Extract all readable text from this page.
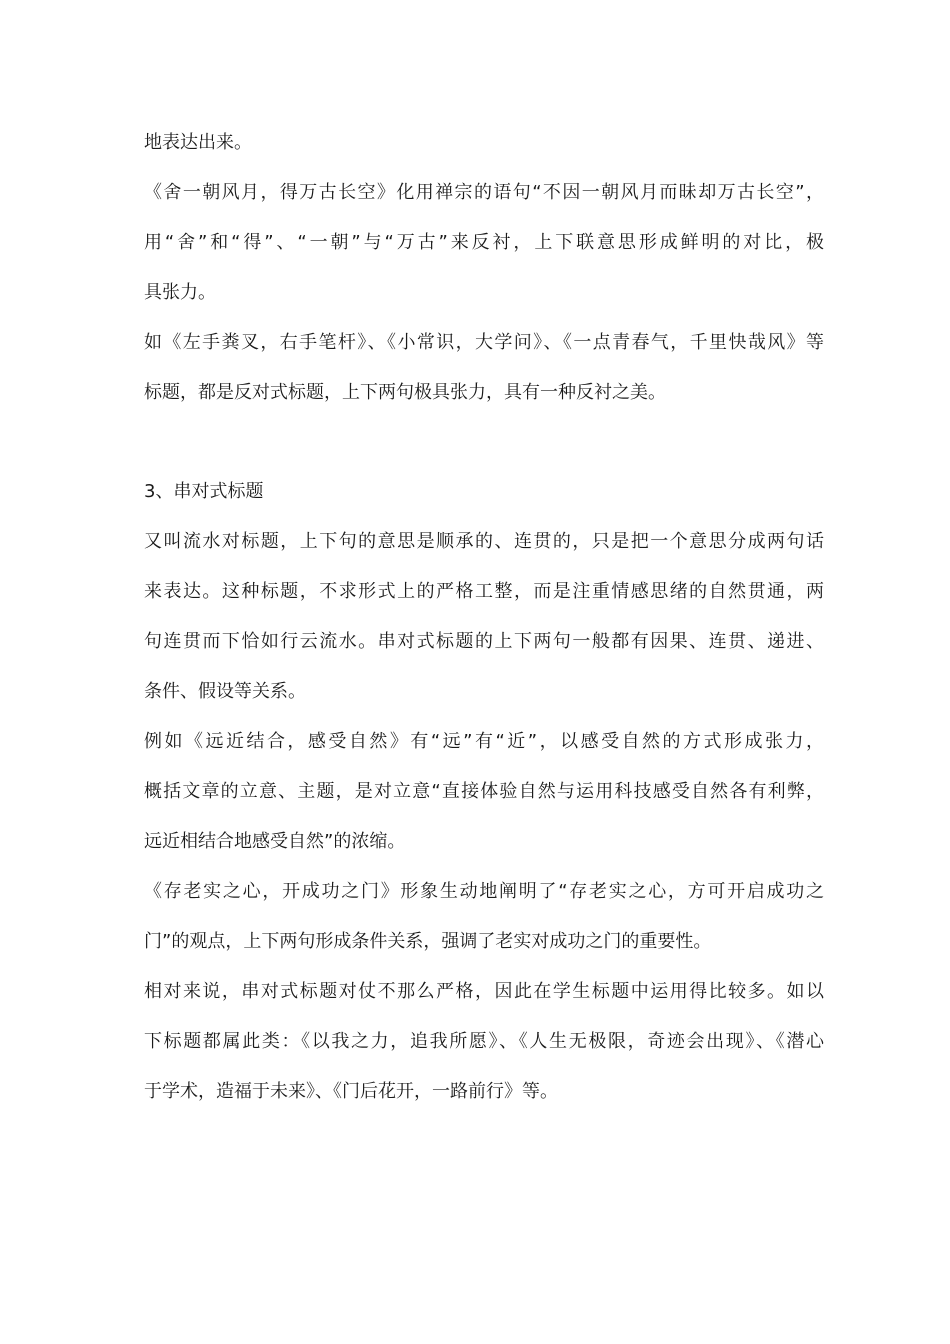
地表达出来。
《舍一朝风月，得万古长空》化用禅宗的语句“不因一朝风月而昧却万古长空”，
用“舍”和“得”、“一朝”与“万古”来反衬，上下联意思形成鲜明的对比，极
具张力。
如《左手粪叉，右手笔杆》、《小常识，大学问》、《一点青春气，千里快哉风》等
标题，都是反对式标题，上下两句极具张力，具有一种反衬之美。
3、串对式标题
又叫流水对标题，上下句的意思是顺承的、连贯的，只是把一个意思分成两句话
来表达。这种标题，不求形式上的严格工整，而是注重情感思绪的自然贯通，两
句连贯而下恰如行云流水。串对式标题的上下两句一般都有因果、连贯、递进、
条件、假设等关系。
例如《远近结合，感受自然》有“远”有“近”，以感受自然的方式形成张力，
概括文章的立意、主题，是对立意“直接体验自然与运用科技感受自然各有利弊，
远近相结合地感受自然”的浓缩。
《存老实之心，开成功之门》形象生动地阐明了“存老实之心，方可开启成功之
门”的观点，上下两句形成条件关系，强调了老实对成功之门的重要性。
相对来说，串对式标题对仗不那么严格，因此在学生标题中运用得比较多。如以
下标题都属此类：《以我之力，追我所愿》、《人生无极限，奇迹会出现》、《潜心
于学术，造福于未来》、《门后花开，一路前行》等。
